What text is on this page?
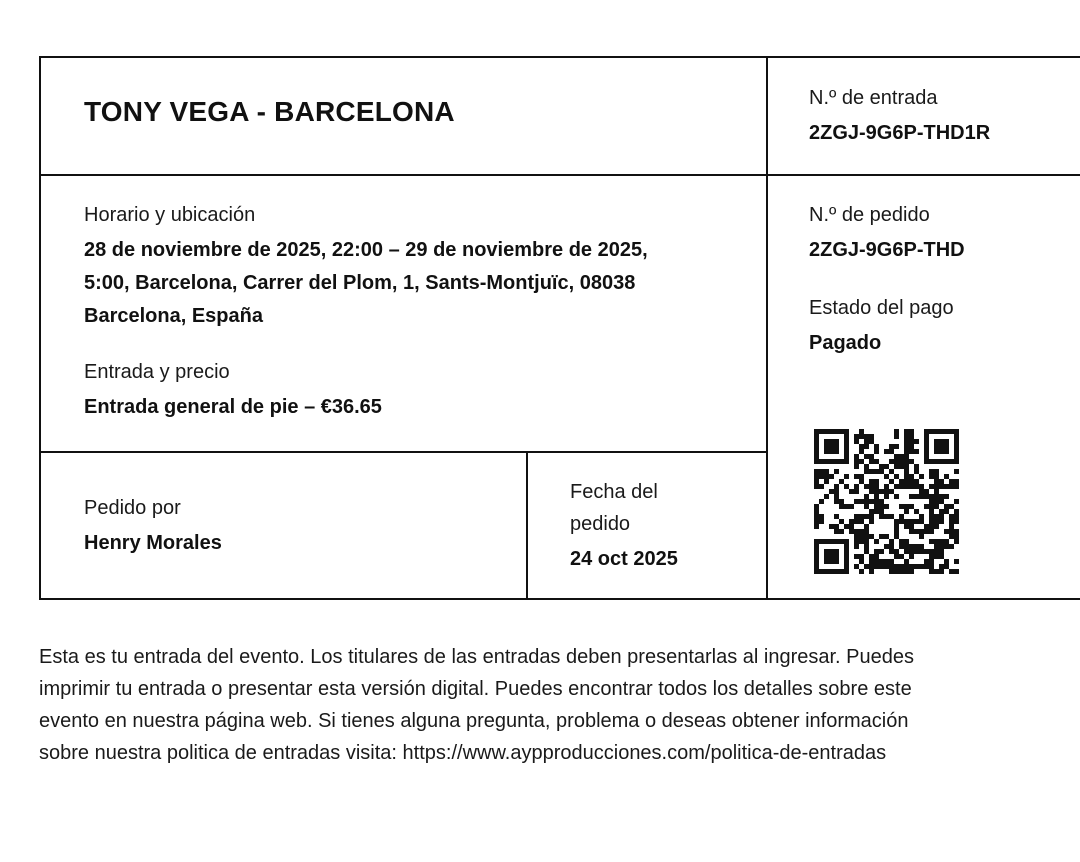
TONY VEGA - BARCELONA	N.º de entrada
2ZGJ-9G6P-THD1R
Horario y ubicación
28 de noviembre de 2025, 22:00 – 29 de noviembre de 2025,
5:00, Barcelona, Carrer del Plom, 1, Sants-Montjuïc, 08038
Barcelona, España
Entrada y precio
Entrada general de pie – €36.65
N.º de pedido
2ZGJ-9G6P-THD
Estado del pago
Pagado
Pedido por
Henry Morales
Fecha del
pedido
24 oct 2025
Esta es tu entrada del evento. Los titulares de las entradas deben presentarlas al ingresar. Puedes
imprimir tu entrada o presentar esta versión digital. Puedes encontrar todos los detalles sobre este
evento en nuestra página web. Si tienes alguna pregunta, problema o deseas obtener información
sobre nuestra politica de entradas visita: https://www.aypproducciones.com/politica-de-entradas
